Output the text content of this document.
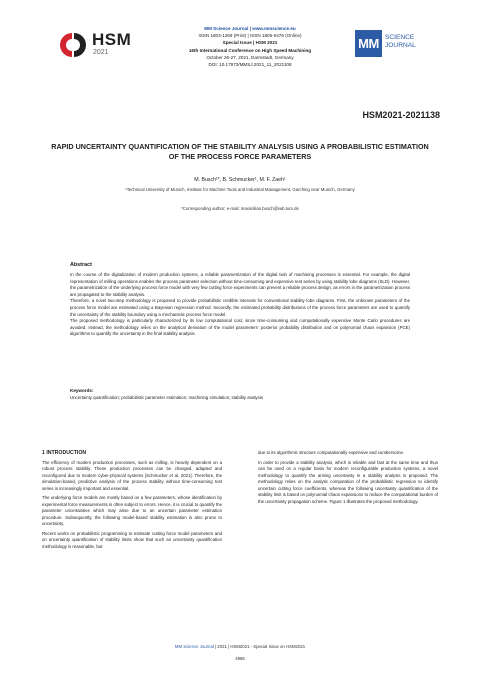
HSM
2021
MM Science Journal | www.mmscience.eu
ISSN 1803-1269 (Print) | ISSN 1805-0476 (Online)
Special Issue | HSM 2021
16th International Conference on High Speed Machining
October 26-27, 2021, Darmstadt, Germany
DOI: 10.17973/MMSJ.2021_11_2021108
MM SCIENCE
JOURNAL
HSM2021-2021138
RAPID UNCERTAINTY QUANTIFICATION OF THE STABILITY ANALYSIS USING A PROBABILISTIC ESTIMATION OF THE PROCESS FORCE PARAMETERS
M. Busch¹*, B. Schmucker¹, M. F. Zaeh¹
¹Technical University of Munich, Institute for Machine Tools and Industrial Management, Garching near Munich, Germany
*Corresponding author; e-mail: maximilian.busch@iwb.tum.de
Abstract

In the course of the digitalization of modern production systems, a reliable parametrization of the digital twin of machining processes is essential. For example, the digital representation of milling operations enables the process parameter selection without time-consuming and expensive test series by using stability lobe diagrams (SLD). However, the parametrization of the underlying process force model with very few cutting force experiments can prevent a reliable process design, as errors in the parametrization process are propagated to the stability analysis.

Therefore, a novel two-step methodology is proposed to provide probabilistic credible intervals for conventional stability lobe diagrams. First, the unknown parameters of the process force model are estimated using a Bayesian regression method. Secondly, the estimated probability distributions of the process force parameters are used to quantify the uncertainty of the stability boundary using a mechanistic process force model.

The proposed methodology is particularly characterized by its low computational cost, since time-consuming and computationally expensive Monte Carlo procedures are avoided. Instead, the methodology relies on the analytical derivation of the model parameters' posterior probability distribution and on polynomial chaos expansion (PCE) algorithms to quantify the uncertainty in the final stability analysis.

Keywords:
Uncertainty quantification; probabilistic parameter estimation; machining simulation; stability analysis
1 INTRODUCTION

The efficiency of modern production processes, such as milling, is heavily dependent on a robust process stability. These production processes can be changed, adapted and reconfigured due to modern cyber-physical systems [Schmucker et al. 2021]. Therefore, the simulation-based, predictive analysis of the process stability without time-consuming test series is increasingly important and essential.

The underlying force models are mostly based on a few parameters, whose identification by experimental force measurements is often subject to errors. Hence, it is crucial to quantify the parameter uncertainties which may arise due to an uncertain parameter estimation procedure. Subsequently, the following model-based stability estimation is also prone to uncertainty.

Recent works on probabilistic programming to estimate cutting force model parameters and on uncertainty quantification of stability limits show that such an uncertainty quantification methodology is reasonable, but

due to its algorithmic structure computationally expensive and cumbersome.

In order to provide a stability analysis, which is reliable and fast at the same time and thus can be used on a regular basis for modern reconfigurable production systems, a novel methodology to quantify the arising uncertainty in a stability analysis is proposed. The methodology relies on the analytic computation of the probabilistic regression to identify uncertain cutting force coefficients, whereas the following uncertainty quantification of the stability limit is based on polynomial chaos expansions to reduce the computational burden of the uncertainty propagation scheme. Figure 1 illustrates the proposed methodology.

MM Science Journal | 2021 | HSM2021 - Special Issue on HSM2021
4986
